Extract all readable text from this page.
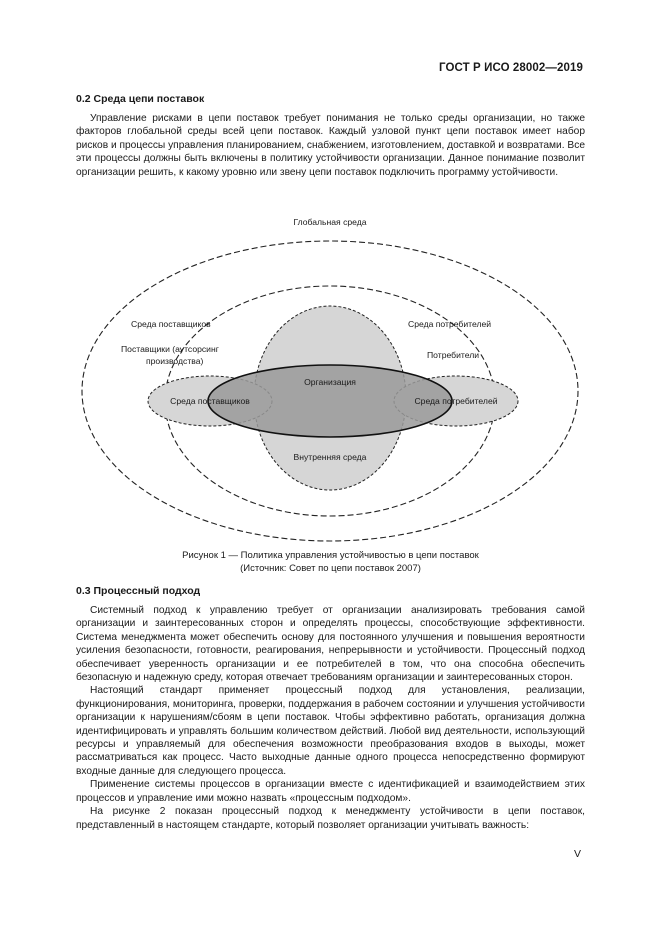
ГОСТ Р ИСО 28002—2019

0.2 Среда цепи поставок

Управление рисками в цепи поставок требует понимания не только среды организации, но также факторов глобальной среды всей цепи поставок. Каждый узловой пункт цепи поставок имеет набор рисков и процессы управления планированием, снабжением, изготовлением, доставкой и возвратами. Все эти процессы должны быть включены в политику устойчивости организации. Даннoe понимание позволит организации решить, к какому уровню или звену цепи поставок подключить программу устойчивости.

Глобальная среда
Среда поставщиков
Поставщики (аутсорсинг
производства)
Среда потребителей
Потребители
Организация
Среда поставщиков	Среда потребителей
Внутренняя среда
Рисунок 1 — Политика управления устойчивостью в цепи поставок
(Источник: Совет по цепи поставок 2007)

0.3 Процессный подход

Системный подход к управлению требует от организации анализировать требования самой организации и заинтересованных сторон и определять процессы, способствующие эффективности. Система менеджмента может обеспечить основу для постоянного улучшения и повышения вероятности усиления безопасности, готовности, реагирования, непрерывности и устойчивости. Процессный подход обеспечивает уверенность организации и ее потребителей в том, что она способна обеспечить безопасную и надежную среду, которая отвечает требованиям организации и заинтересованных сторон.

Настоящий стандарт применяет процессный подход для установления, реализации, функционирования, мониторинга, проверки, поддержания в рабочем состоянии и улучшения устойчивости организации к нарушениям/сбоям в цепи поставок. Чтобы эффективно работать, организация должна идентифицировать и управлять большим количеством действий. Любой вид деятельности, использующий ресурсы и управляемый для обеспечения возможности преобразования входов в выходы, может рассматриваться как процесс. Часто выходные данные одного процесса непосредственно формируют входные данные для следующего процесса.

Применение системы процессов в организации вместе с идентификацией и взаимодействием этих процессов и управление ими можно назвать «процессным подходом».

На рисунке 2 показан процессный подход к менеджменту устойчивости в цепи поставок, представленный в настоящем стандарте, который позволяет организации учитывать важность:

V
